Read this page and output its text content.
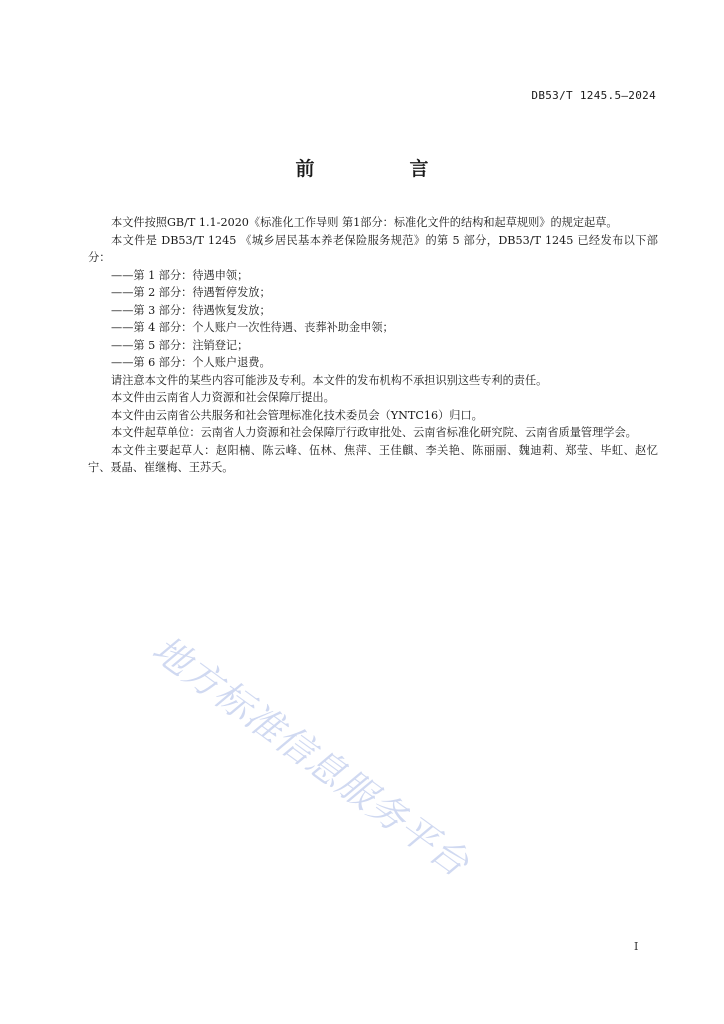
DB53/T 1245.5—2024
前　言

本文件按照GB/T 1.1-2020《标准化工作导则 第1部分：标准化文件的结构和起草规则》的规定起草。

本文件是 DB53/T 1245 《城乡居民基本养老保险服务规范》的第 5 部分，DB53/T 1245 已经发布以下部分：

——第 1 部分：待遇申领；

——第 2 部分：待遇暂停发放；

——第 3 部分：待遇恢复发放；

——第 4 部分：个人账户一次性待遇、丧葬补助金申领；

——第 5 部分：注销登记；

——第 6 部分：个人账户退费。

请注意本文件的某些内容可能涉及专利。本文件的发布机构不承担识别这些专利的责任。

本文件由云南省人力资源和社会保障厅提出。

本文件由云南省公共服务和社会管理标准化技术委员会（YNTC16）归口。

本文件起草单位：云南省人力资源和社会保障厅行政审批处、云南省标准化研究院、云南省质量管理学会。

本文件主要起草人：赵阳楠、陈云峰、伍林、焦萍、王佳麒、李关艳、陈丽丽、魏迪莉、郑莹、毕虹、赵忆宁、聂晶、崔继梅、王苏夭。

地方标准信息服务平台
I
